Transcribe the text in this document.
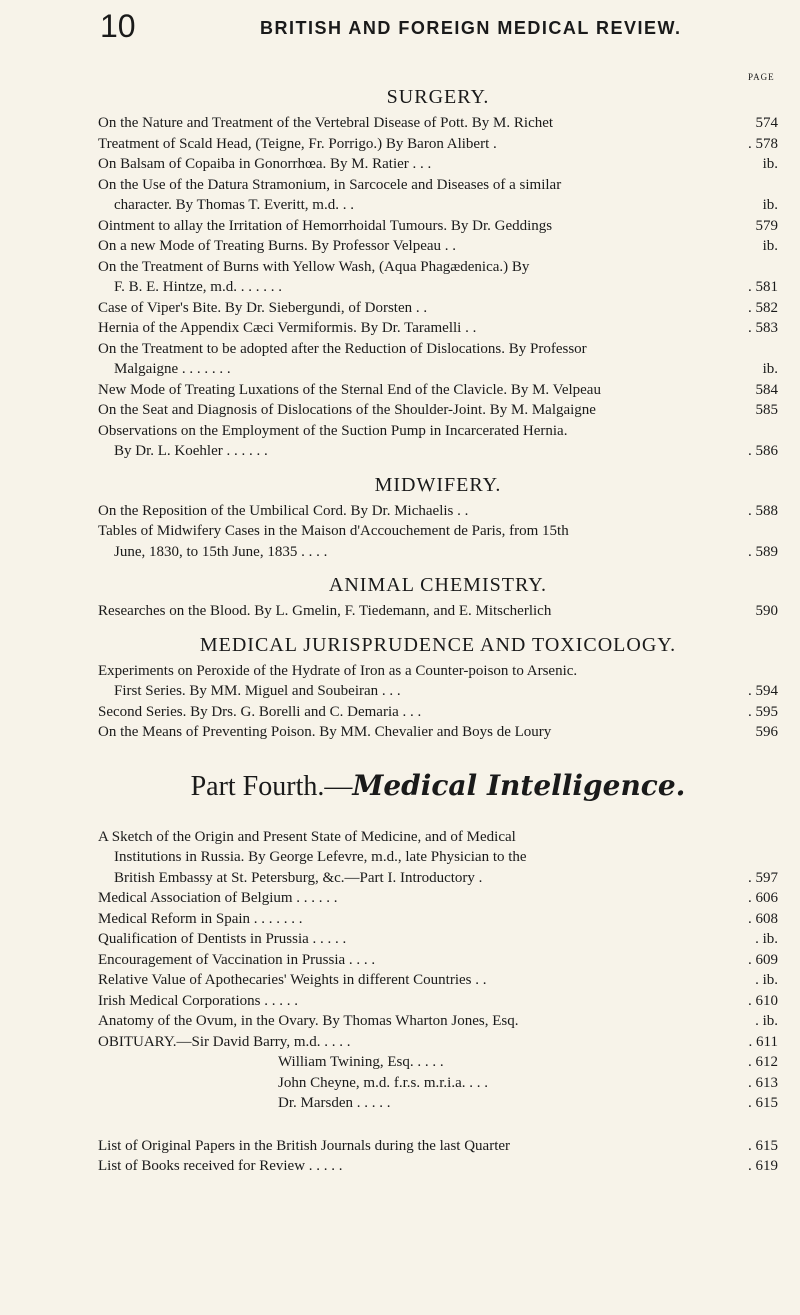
10	BRITISH AND FOREIGN MEDICAL REVIEW.
PAGE
SURGERY.
On the Nature and Treatment of the Vertebral Disease of Pott. By M. Richet	574
Treatment of Scald Head, (Teigne, Fr. Porrigo.) By Baron Alibert .	. 578
On Balsam of Copaiba in Gonorrhœa. By M. Ratier . . .	ib.
On the Use of the Datura Stramonium, in Sarcocele and Diseases of a similar
character. By Thomas T. Everitt, m.d. . .	ib.
Ointment to allay the Irritation of Hemorrhoidal Tumours. By Dr. Geddings	579
On a new Mode of Treating Burns. By Professor Velpeau . .	ib.
On the Treatment of Burns with Yellow Wash, (Aqua Phagædenica.) By
F. B. E. Hintze, m.d. . . . . . .	. 581
Case of Viper's Bite. By Dr. Siebergundi, of Dorsten . .	. 582
Hernia of the Appendix Cæci Vermiformis. By Dr. Taramelli . .	. 583
On the Treatment to be adopted after the Reduction of Dislocations. By Professor
Malgaigne . . . . . . .	ib.
New Mode of Treating Luxations of the Sternal End of the Clavicle. By M. Velpeau	584
On the Seat and Diagnosis of Dislocations of the Shoulder-Joint. By M. Malgaigne	585
Observations on the Employment of the Suction Pump in Incarcerated Hernia.
By Dr. L. Koehler . . . . . .	. 586
MIDWIFERY.
On the Reposition of the Umbilical Cord. By Dr. Michaelis . .	. 588
Tables of Midwifery Cases in the Maison d'Accouchement de Paris, from 15th
June, 1830, to 15th June, 1835 . . . .	. 589
ANIMAL CHEMISTRY.
Researches on the Blood. By L. Gmelin, F. Tiedemann, and E. Mitscherlich	590
MEDICAL JURISPRUDENCE AND TOXICOLOGY.
Experiments on Peroxide of the Hydrate of Iron as a Counter-poison to Arsenic.
First Series. By MM. Miguel and Soubeiran . . .	. 594
Second Series. By Drs. G. Borelli and C. Demaria . . .	. 595
On the Means of Preventing Poison. By MM. Chevalier and Boys de Loury	596
Part Fourth.—Medical Intelligence.
A Sketch of the Origin and Present State of Medicine, and of Medical
Institutions in Russia. By George Lefevre, m.d., late Physician to the
British Embassy at St. Petersburg, &c.—Part I. Introductory .	. 597
Medical Association of Belgium . . . . . .	. 606
Medical Reform in Spain . . . . . . .	. 608
Qualification of Dentists in Prussia . . . . .	. ib.
Encouragement of Vaccination in Prussia . . . .	. 609
Relative Value of Apothecaries' Weights in different Countries . .	. ib.
Irish Medical Corporations . . . . .	. 610
Anatomy of the Ovum, in the Ovary. By Thomas Wharton Jones, Esq.	. ib.
OBITUARY.—Sir David Barry, m.d. . . . .	. 611
William Twining, Esq. . . . .	. 612
John Cheyne, m.d. f.r.s. m.r.i.a. . . .	. 613
Dr. Marsden . . . . .	. 615
List of Original Papers in the British Journals during the last Quarter	. 615
List of Books received for Review . . . . .	. 619
